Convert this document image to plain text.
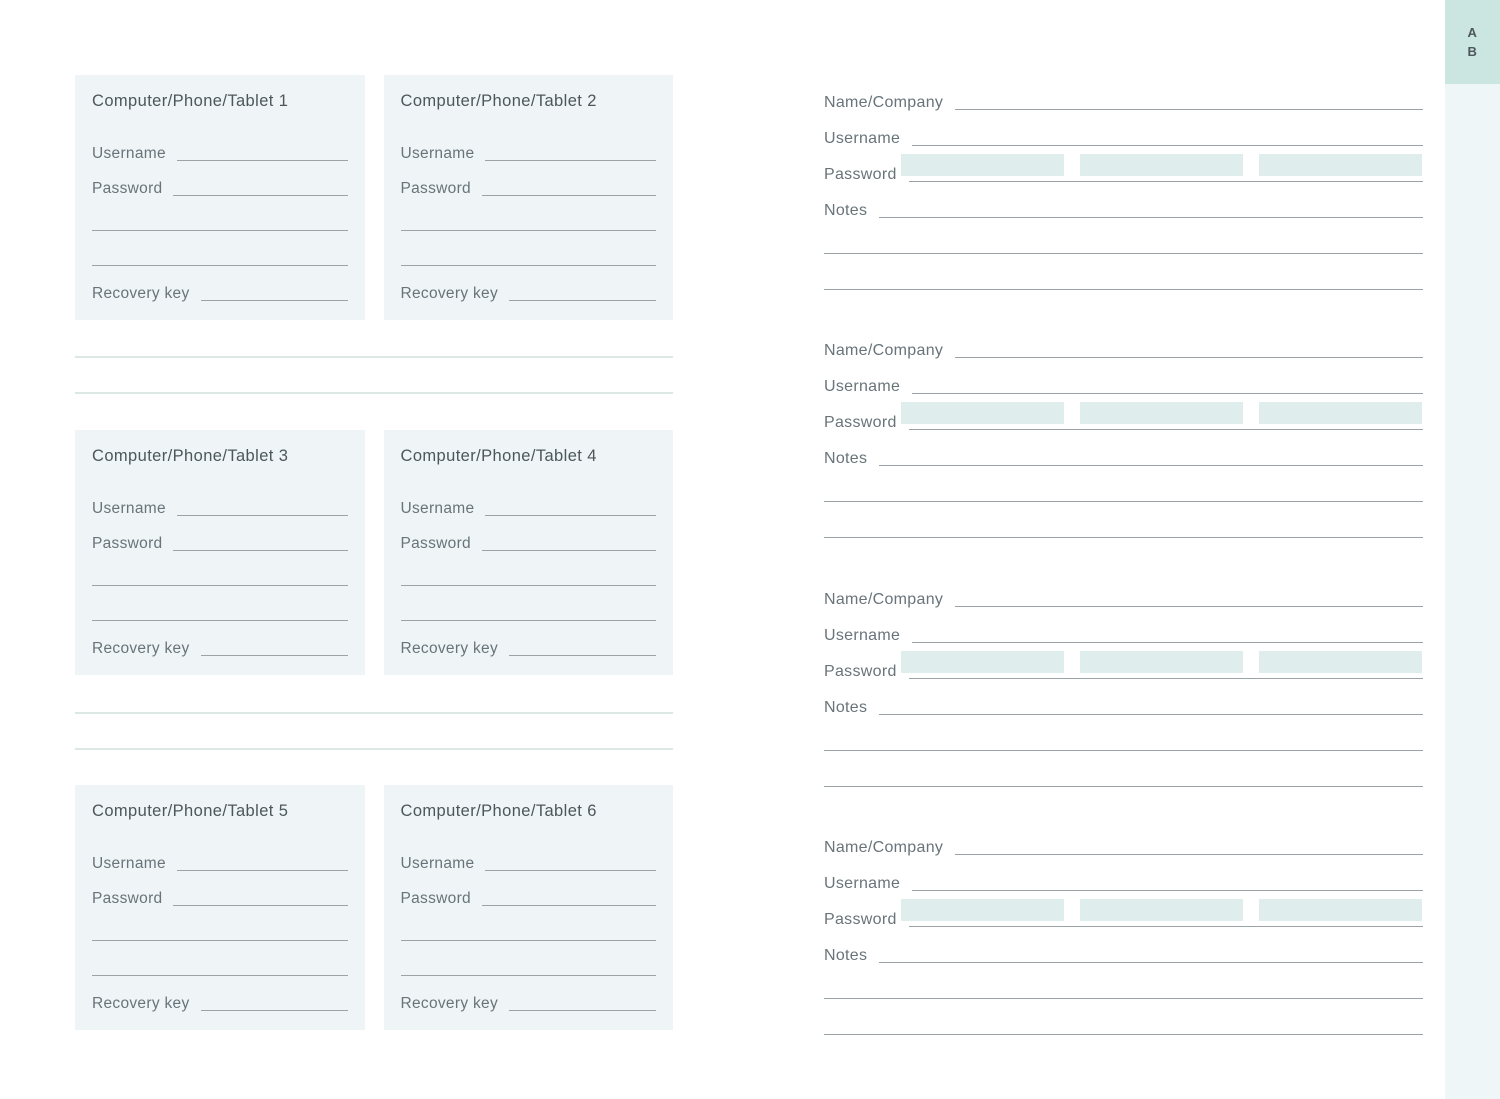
A
B
Computer/Phone/Tablet 1
Username
Password
Recovery key
Computer/Phone/Tablet 2
Username
Password
Recovery key
Computer/Phone/Tablet 3
Username
Password
Recovery key
Computer/Phone/Tablet 4
Username
Password
Recovery key
Computer/Phone/Tablet 5
Username
Password
Recovery key
Computer/Phone/Tablet 6
Username
Password
Recovery key
Name/Company
Username
Password
Notes
Name/Company
Username
Password
Notes
Name/Company
Username
Password
Notes
Name/Company
Username
Password
Notes
